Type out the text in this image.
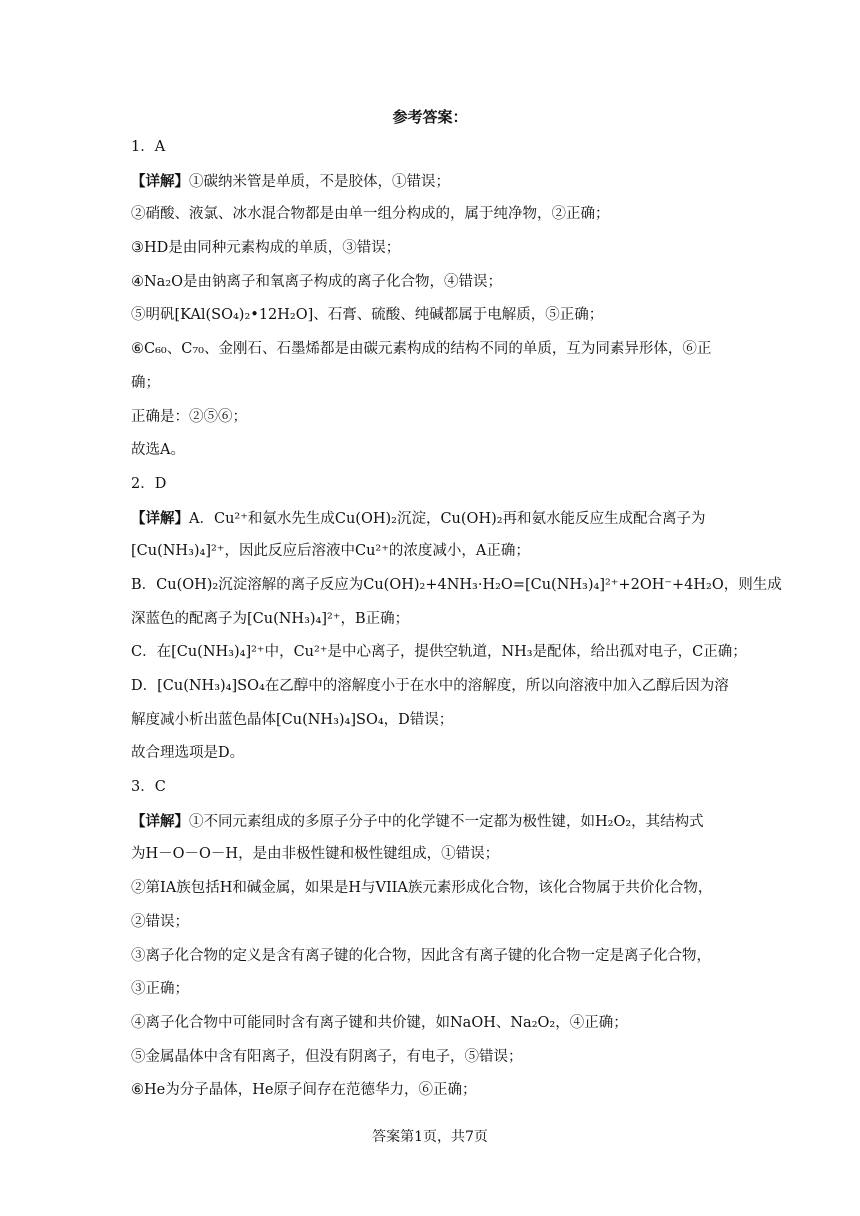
参考答案：
1．A
【详解】①碳纳米管是单质，不是胶体，①错误；
②硝酸、液氯、冰水混合物都是由单一组分构成的，属于纯净物，②正确；
③HD是由同种元素构成的单质，③错误；
④Na₂O是由钠离子和氧离子构成的离子化合物，④错误；
⑤明矾[KAl(SO₄)₂•12H₂O]、石膏、硫酸、纯碱都属于电解质，⑤正确；
⑥C₆₀、C₇₀、金刚石、石墨烯都是由碳元素构成的结构不同的单质，互为同素异形体，⑥正
确；
正确是：②⑤⑥；
故选A。
2．D
【详解】A．Cu²⁺和氨水先生成Cu(OH)₂沉淀，Cu(OH)₂再和氨水能反应生成配合离子为
[Cu(NH₃)₄]²⁺，因此反应后溶液中Cu²⁺的浓度减小，A正确；
B．Cu(OH)₂沉淀溶解的离子反应为Cu(OH)₂+4NH₃·H₂O=[Cu(NH₃)₄]²⁺+2OH⁻+4H₂O，则生成
深蓝色的配离子为[Cu(NH₃)₄]²⁺，B正确；
C．在[Cu(NH₃)₄]²⁺中，Cu²⁺是中心离子，提供空轨道，NH₃是配体，给出孤对电子，C正确；
D．[Cu(NH₃)₄]SO₄在乙醇中的溶解度小于在水中的溶解度，所以向溶液中加入乙醇后因为溶
解度减小析出蓝色晶体[Cu(NH₃)₄]SO₄，D错误；
故合理选项是D。
3．C
【详解】①不同元素组成的多原子分子中的化学键不一定都为极性键，如H₂O₂，其结构式
为H－O－O－H，是由非极性键和极性键组成，①错误；
②第IA族包括H和碱金属，如果是H与VIIA族元素形成化合物，该化合物属于共价化合物，
②错误；
③离子化合物的定义是含有离子键的化合物，因此含有离子键的化合物一定是离子化合物，
③正确；
④离子化合物中可能同时含有离子键和共价键，如NaOH、Na₂O₂，④正确；
⑤金属晶体中含有阳离子，但没有阴离子，有电子，⑤错误；
⑥He为分子晶体，He原子间存在范德华力，⑥正确；
答案第1页，共7页
